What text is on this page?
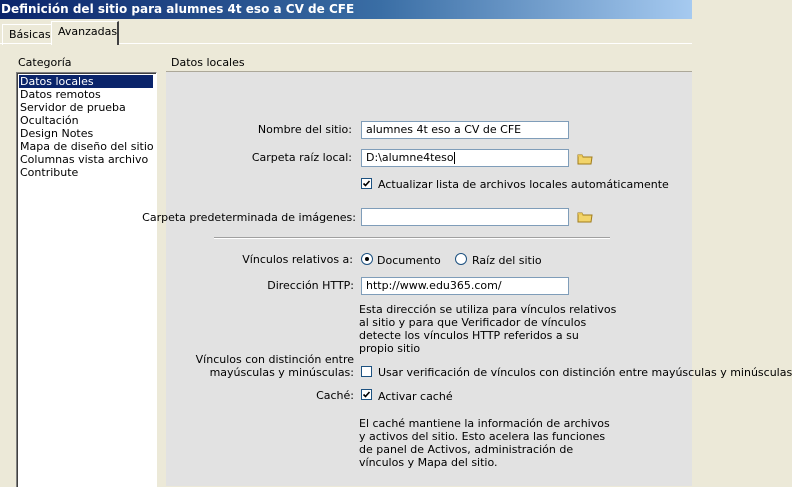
Definición del sitio para alumnes 4t eso a CV de CFE
Básicas Avanzadas
Categoría
Datos locales
Datos remotos
Servidor de prueba
Ocultación
Design Notes
Mapa de diseño del sitio
Columnas vista archivo
Contribute
Datos locales
Nombre del sitio:	alumnes 4t eso a CV de CFE
Carpeta raíz local:	D:\alumne4teso
Actualizar lista de archivos locales automáticamente
Carpeta predeterminada de imágenes:
Vínculos relativos a: Documento	Raíz del sitio
Dirección HTTP:	http://www.edu365.com/
Esta dirección se utiliza para vínculos relativos
al sitio y para que Verificador de vínculos
detecte los vínculos HTTP referidos a su
propio sitio
Vínculos con distinción entre
mayúsculas y minúsculas: Usar verificación de vínculos con distinción entre mayúsculas y minúsculas
Caché: Activar caché
El caché mantiene la información de archivos
y activos del sitio. Esto acelera las funciones
de panel de Activos, administración de
vínculos y Mapa del sitio.
